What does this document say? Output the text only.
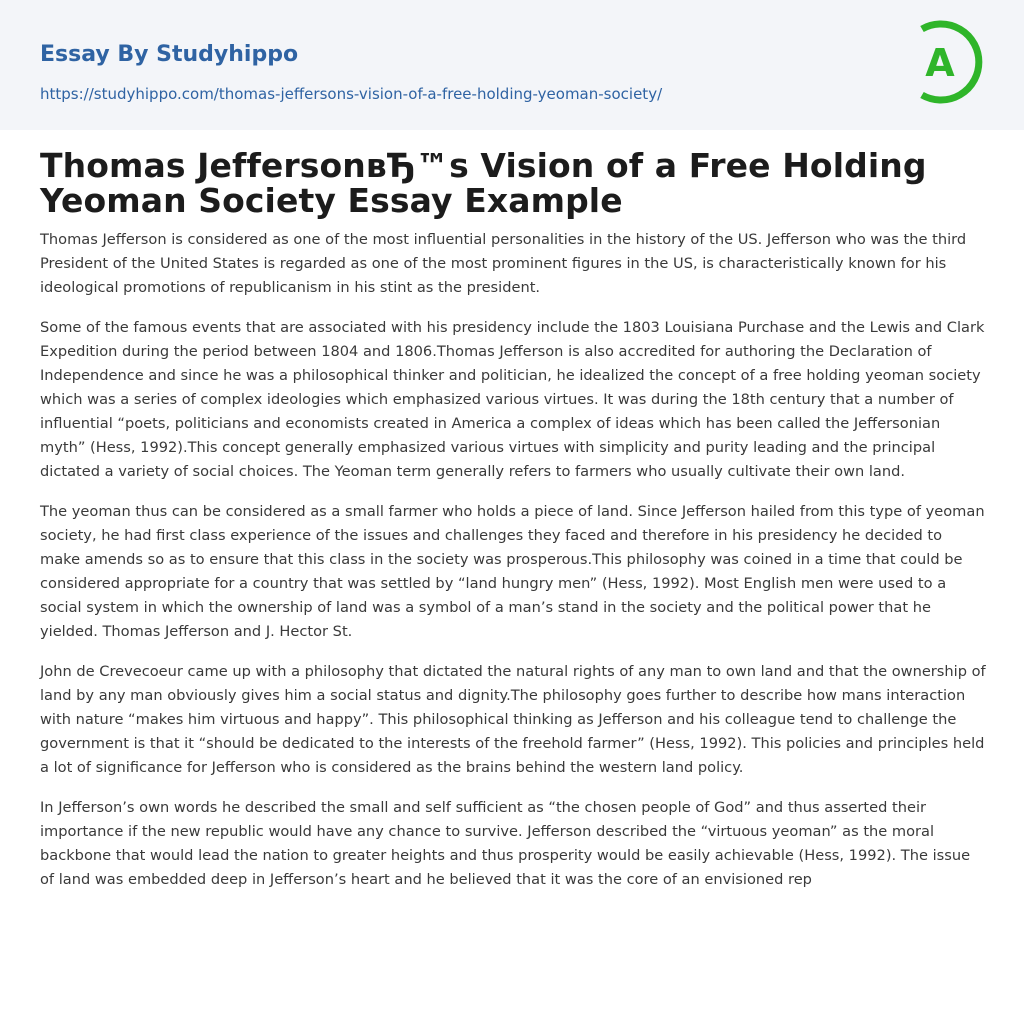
Essay By Studyhippo
https://studyhippo.com/thomas-jeffersons-vision-of-a-free-holding-yeoman-society/
A
Thomas JeffersonвЂ™s Vision of a Free Holding Yeoman Society Essay Example

Thomas Jefferson is considered as one of the most influential personalities in the history of the US. Jefferson who was the third President of the United States is regarded as one of the most prominent figures in the US, is characteristically known for his ideological promotions of republicanism in his stint as the president.

Some of the famous events that are associated with his presidency include the 1803 Louisiana Purchase and the Lewis and Clark Expedition during the period between 1804 and 1806.Thomas Jefferson is also accredited for authoring the Declaration of Independence and since he was a philosophical thinker and politician, he idealized the concept of a free holding yeoman society which was a series of complex ideologies which emphasized various virtues. It was during the 18th century that a number of influential “poets, politicians and economists created in America a complex of ideas which has been called the Jeffersonian myth” (Hess, 1992).This concept generally emphasized various virtues with simplicity and purity leading and the principal dictated a variety of social choices. The Yeoman term generally refers to farmers who usually cultivate their own land.

The yeoman thus can be considered as a small farmer who holds a piece of land. Since Jefferson hailed from this type of yeoman society, he had first class experience of the issues and challenges they faced and therefore in his presidency he decided to make amends so as to ensure that this class in the society was prosperous.This philosophy was coined in a time that could be considered appropriate for a country that was settled by “land hungry men” (Hess, 1992). Most English men were used to a social system in which the ownership of land was a symbol of a man’s stand in the society and the political power that he yielded. Thomas Jefferson and J. Hector St.

John de Crevecoeur came up with a philosophy that dictated the natural rights of any man to own land and that the ownership of land by any man obviously gives him a social status and dignity.The philosophy goes further to describe how mans interaction with nature “makes him virtuous and happy”. This philosophical thinking as Jefferson and his colleague tend to challenge the government is that it “should be dedicated to the interests of the freehold farmer” (Hess, 1992). This policies and principles held a lot of significance for Jefferson who is considered as the brains behind the western land policy.

In Jefferson’s own words he described the small and self sufficient as “the chosen people of God” and thus asserted their importance if the new republic would have any chance to survive. Jefferson described the “virtuous yeoman” as the moral backbone that would lead the nation to greater heights and thus prosperity would be easily achievable (Hess, 1992). The issue of land was embedded deep in Jefferson’s heart and he believed that it was the core of an envisioned rep
